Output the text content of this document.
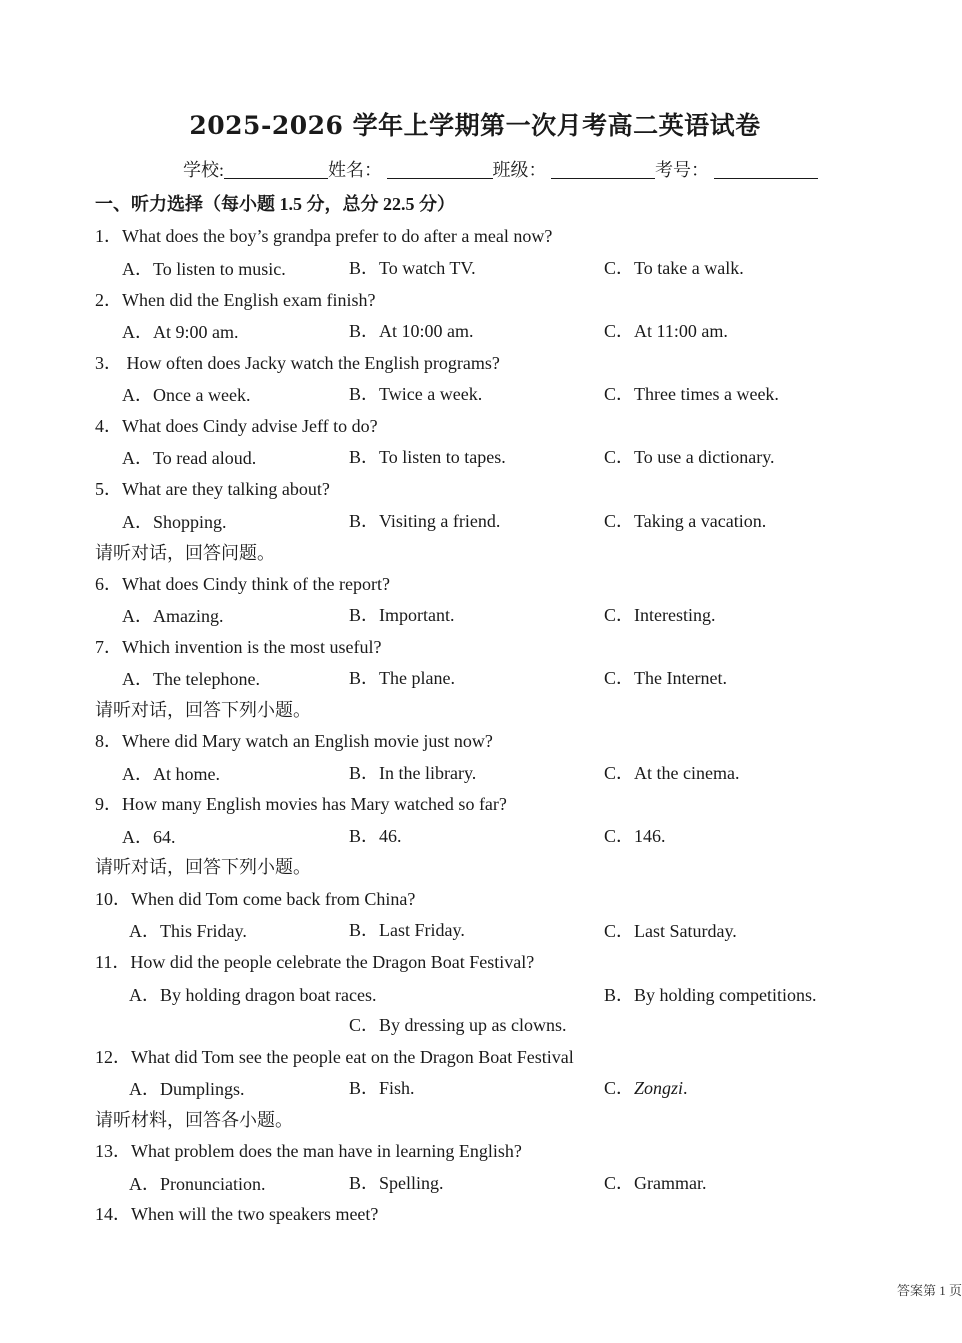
2025-2026 学年上学期第一次月考高二英语试卷
学校:	姓名：	班级：	考号：
一、听力选择（每小题 1.5 分，总分 22.5 分）
1．What does the boy’s grandpa prefer to do after a meal now?
A．To listen to music.	B．To watch TV.	C．To take a walk.
2．When did the English exam finish?
A．At 9:00 am.	B．At 10:00 am.	C．At 11:00 am.
3． How often does Jacky watch the English programs?
A．Once a week.	B．Twice a week.	C．Three times a week.
4．What does Cindy advise Jeff to do?
A．To read aloud.	B．To listen to tapes.	C．To use a dictionary.
5．What are they talking about?
A．Shopping.	B．Visiting a friend.	C．Taking a vacation.
请听对话，回答问题。
6．What does Cindy think of the report?
A．Amazing.	B．Important.	C．Interesting.
7．Which invention is the most useful?
A．The telephone.	B．The plane.	C．The Internet.
请听对话，回答下列小题。
8．Where did Mary watch an English movie just now?
A．At home.	B．In the library.	C．At the cinema.
9．How many English movies has Mary watched so far?
A．64.	B．46.	C．146.
请听对话，回答下列小题。
10．When did Tom come back from China?
A．This Friday.	B．Last Friday.	C．Last Saturday.
11．How did the people celebrate the Dragon Boat Festival?
A．By holding dragon boat races.	B．By holding competitions.
C．By dressing up as clowns.
12．What did Tom see the people eat on the Dragon Boat Festival
A．Dumplings.	B．Fish.	C．Zongzi.
请听材料，回答各小题。
13．What problem does the man have in learning English?
A．Pronunciation.	B．Spelling.	C．Grammar.
14．When will the two speakers meet?
答案第 1 页
